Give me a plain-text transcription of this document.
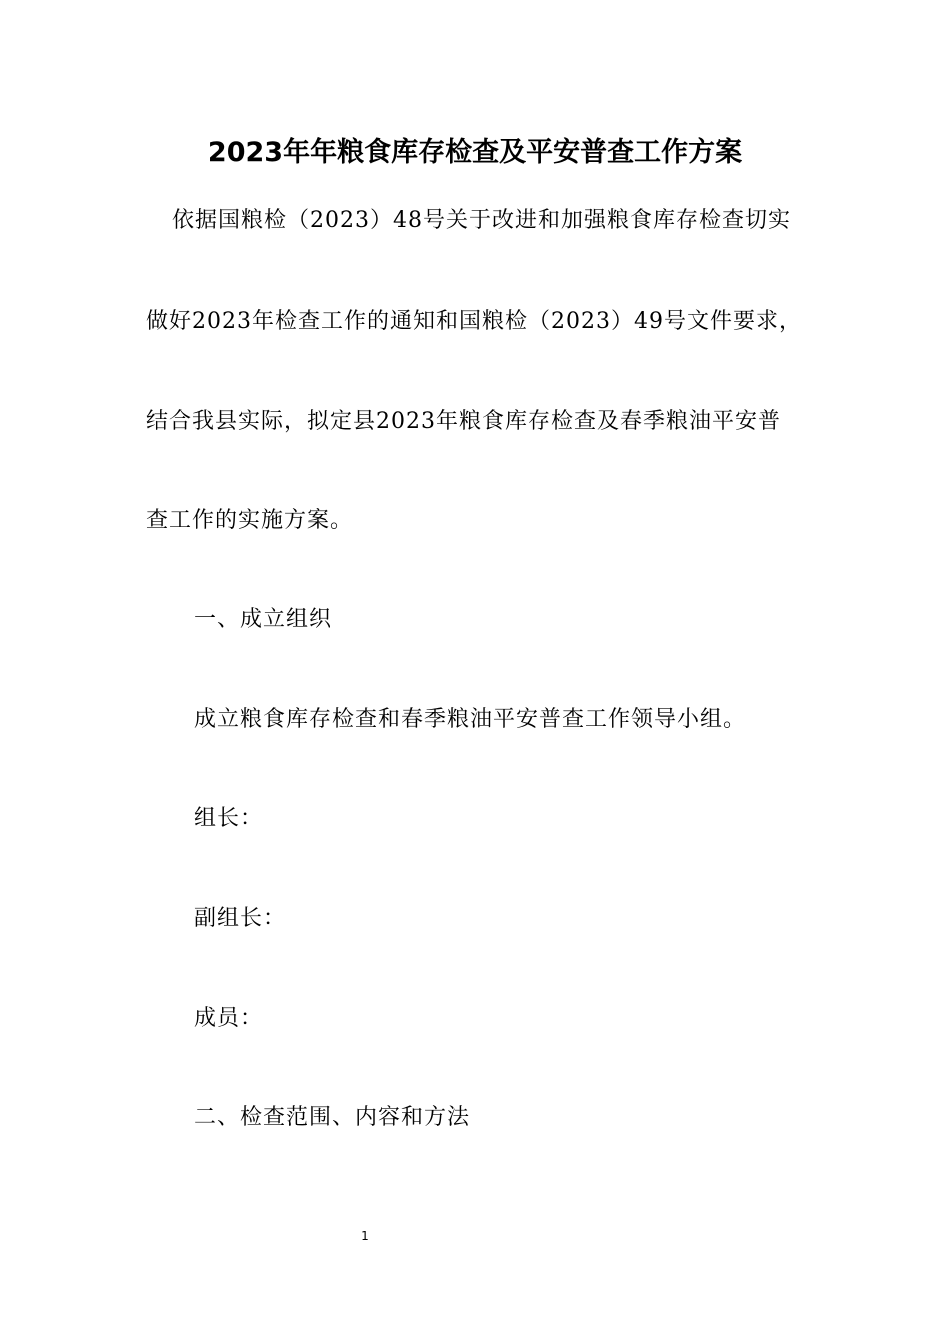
2023年年粮食库存检查及平安普查工作方案
依据国粮检（2023）48号关于改进和加强粮食库存检查切实
做好2023年检查工作的通知和国粮检（2023）49号文件要求，
结合我县实际，拟定县2023年粮食库存检查及春季粮油平安普
查工作的实施方案。
一、成立组织
成立粮食库存检查和春季粮油平安普查工作领导小组。
组长：
副组长：
成员：
二、检查范围、内容和方法
1
